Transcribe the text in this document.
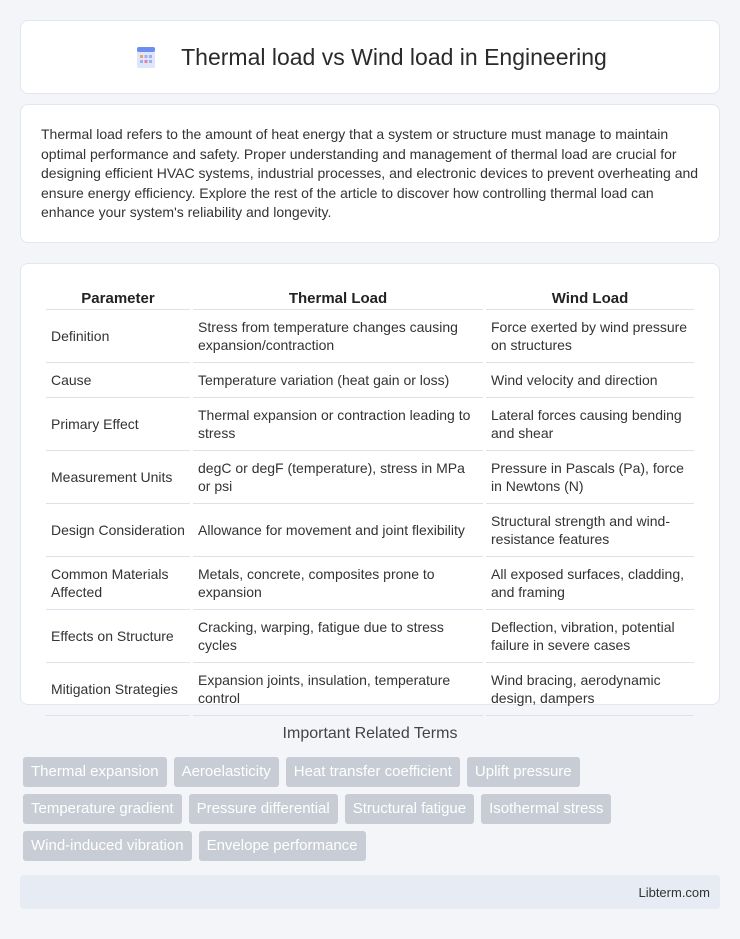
Thermal load vs Wind load in Engineering

Thermal load refers to the amount of heat energy that a system or structure must manage to maintain optimal performance and safety. Proper understanding and management of thermal load are crucial for designing efficient HVAC systems, industrial processes, and electronic devices to prevent overheating and ensure energy efficiency. Explore the rest of the article to discover how controlling thermal load can enhance your system's reliability and longevity.

Parameter	Thermal Load	Wind Load
Definition	Stress from temperature changes causing expansion/contraction	Force exerted by wind pressure on structures
Cause	Temperature variation (heat gain or loss)	Wind velocity and direction
Primary Effect	Thermal expansion or contraction leading to stress	Lateral forces causing bending and shear
Measurement Units	degC or degF (temperature), stress in MPa or psi	Pressure in Pascals (Pa), force in Newtons (N)
Design Consideration	Allowance for movement and joint flexibility	Structural strength and wind-resistance features
Common Materials Affected	Metals, concrete, composites prone to expansion	All exposed surfaces, cladding, and framing
Effects on Structure	Cracking, warping, fatigue due to stress cycles	Deflection, vibration, potential failure in severe cases
Mitigation Strategies	Expansion joints, insulation, temperature control	Wind bracing, aerodynamic design, dampers
Important Related Terms
Thermal expansion	Aeroelasticity	Heat transfer coefficient	Uplift pressure
Temperature gradient	Pressure differential	Structural fatigue	Isothermal stress
Wind-induced vibration	Envelope performance
Libterm.com
